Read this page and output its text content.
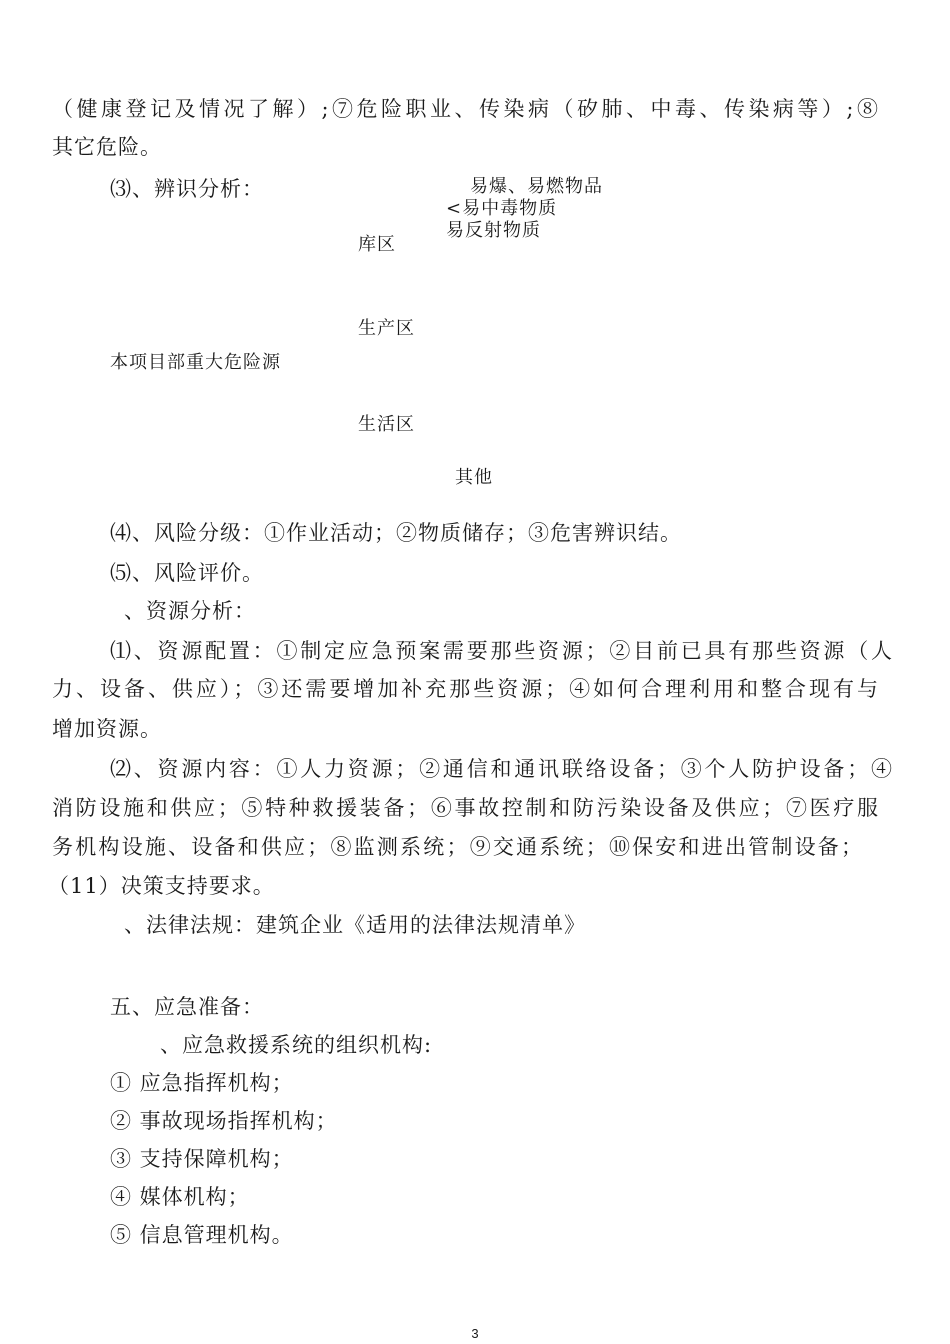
（健康登记及情况了解）;⑦危险职业、传染病（矽肺、中毒、传染病等）;⑧
其它危险。
⑶、辨识分析：	易爆、易燃物品
<易中毒物质
易反射物质
库区
生产区
本项目部重大危险源
生活区
其他
⑷、风险分级：①作业活动；②物质储存；③危害辨识结。
⑸、风险评价。
、资源分析：
⑴、资源配置：①制定应急预案需要那些资源；②目前已具有那些资源（人
力、设备、供应）；③还需要增加补充那些资源；④如何合理利用和整合现有与
增加资源。
⑵、资源内容：①人力资源；②通信和通讯联络设备；③个人防护设备；④
消防设施和供应；⑤特种救援装备；⑥事故控制和防污染设备及供应；⑦医疗服
务机构设施、设备和供应；⑧监测系统；⑨交通系统；⑩保安和进出管制设备；
（11）决策支持要求。
、法律法规：建筑企业《适用的法律法规清单》
五、应急准备：
、应急救援系统的组织机构:
① 应急指挥机构；
② 事故现场指挥机构；
③ 支持保障机构；
④ 媒体机构；
⑤ 信息管理机构。
3
